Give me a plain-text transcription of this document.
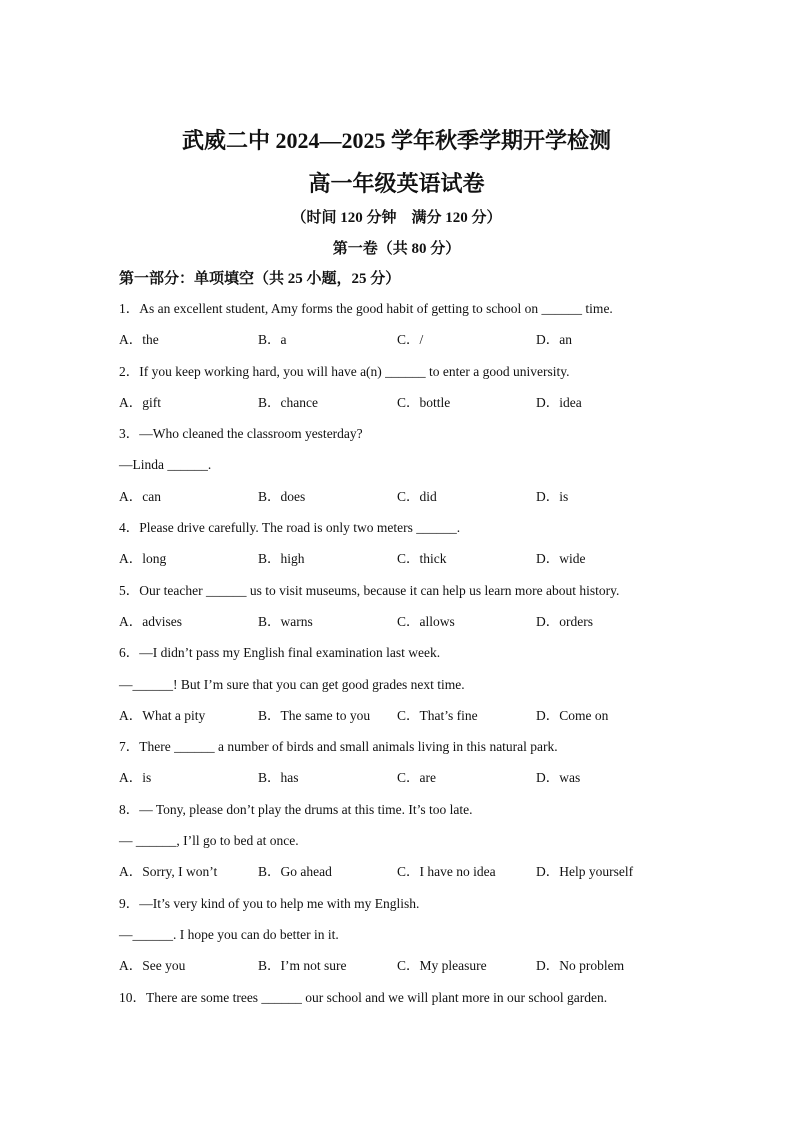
武威二中 2024—2025 学年秋季学期开学检测
高一年级英语试卷
（时间 120 分钟　满分 120 分）
第一卷（共 80 分）
第一部分：单项填空（共 25 小题，25 分）
1．As an excellent student, Amy forms the good habit of getting to school on ______ time.
A．the	B．a	C．/	D．an
2．If you keep working hard, you will have a(n) ______ to enter a good university.
A．gift	B．chance	C．bottle	D．idea
3．—Who cleaned the classroom yesterday?
—Linda ______.
A．can	B．does	C．did	D．is
4．Please drive carefully. The road is only two meters ______.
A．long	B．high	C．thick	D．wide
5．Our teacher ______ us to visit museums, because it can help us learn more about history.
A．advises	B．warns	C．allows	D．orders
6．—I didn’t pass my English final examination last week.
—______! But I’m sure that you can get good grades next time.
A．What a pity	B．The same to you	C．That’s fine	D．Come on
7．There ______ a number of birds and small animals living in this natural park.
A．is	B．has	C．are	D．was
8．— Tony, please don’t play the drums at this time. It’s too late.
— ______, I’ll go to bed at once.
A．Sorry, I won’t	B．Go ahead	C．I have no idea	D．Help yourself
9．—It’s very kind of you to help me with my English.
—______. I hope you can do better in it.
A．See you	B．I’m not sure	C．My pleasure	D．No problem
10．There are some trees ______ our school and we will plant more in our school garden.
